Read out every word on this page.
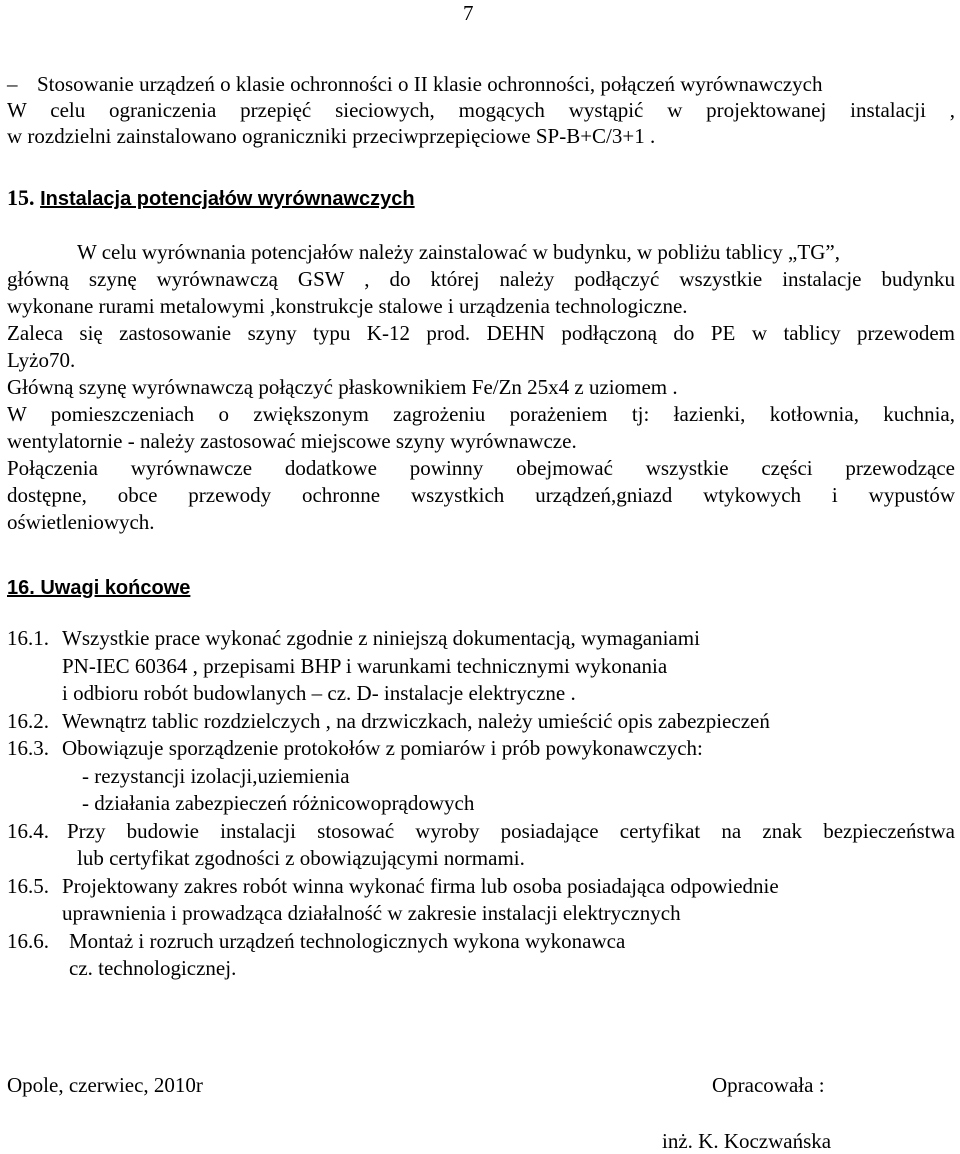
7
– Stosowanie urządzeń o klasie ochronności o II klasie ochronności, połączeń wyrównawczych
W celu ograniczenia przepięć sieciowych, mogących wystąpić w projektowanej instalacji ,
w rozdzielni zainstalowano ograniczniki przeciwprzepięciowe SP-B+C/3+1 .
15. Instalacja potencjałów wyrównawczych
W celu wyrównania potencjałów należy zainstalować w budynku, w pobliżu tablicy „TG”,
główną szynę wyrównawczą GSW , do której należy podłączyć wszystkie instalacje budynku
wykonane rurami metalowymi ,konstrukcje stalowe i urządzenia technologiczne.
Zaleca się zastosowanie szyny typu K-12 prod. DEHN podłączoną do PE w tablicy przewodem
Lyżo70.
Główną szynę wyrównawczą połączyć płaskownikiem Fe/Zn 25x4 z uziomem .
W pomieszczeniach o zwiększonym zagrożeniu porażeniem tj: łazienki, kotłownia, kuchnia,
wentylatornie - należy zastosować miejscowe szyny wyrównawcze.
Połączenia wyrównawcze dodatkowe powinny obejmować wszystkie części przewodzące
dostępne, obce przewody ochronne wszystkich urządzeń,gniazd wtykowych i wypustów
oświetleniowych.
16. Uwagi końcowe
16.1. Wszystkie prace wykonać zgodnie z niniejszą dokumentacją, wymaganiami
PN-IEC 60364 , przepisami BHP i warunkami technicznymi wykonania
i odbioru robót budowlanych – cz. D- instalacje elektryczne .
16.2. Wewnątrz tablic rozdzielczych , na drzwiczkach, należy umieścić opis zabezpieczeń
16.3. Obowiązuje sporządzenie protokołów z pomiarów i prób powykonawczych:
- rezystancji izolacji,uziemienia
- działania zabezpieczeń różnicowoprądowych
16.4. Przy budowie instalacji stosować wyroby posiadające certyfikat na znak bezpieczeństwa
lub certyfikat zgodności z obowiązującymi normami.
16.5. Projektowany zakres robót winna wykonać firma lub osoba posiadająca odpowiednie
uprawnienia i prowadząca działalność w zakresie instalacji elektrycznych
16.6. Montaż i rozruch urządzeń technologicznych wykona wykonawca
cz. technologicznej.
Opole, czerwiec, 2010r	Opracowała :
inż. K. Koczwańska
